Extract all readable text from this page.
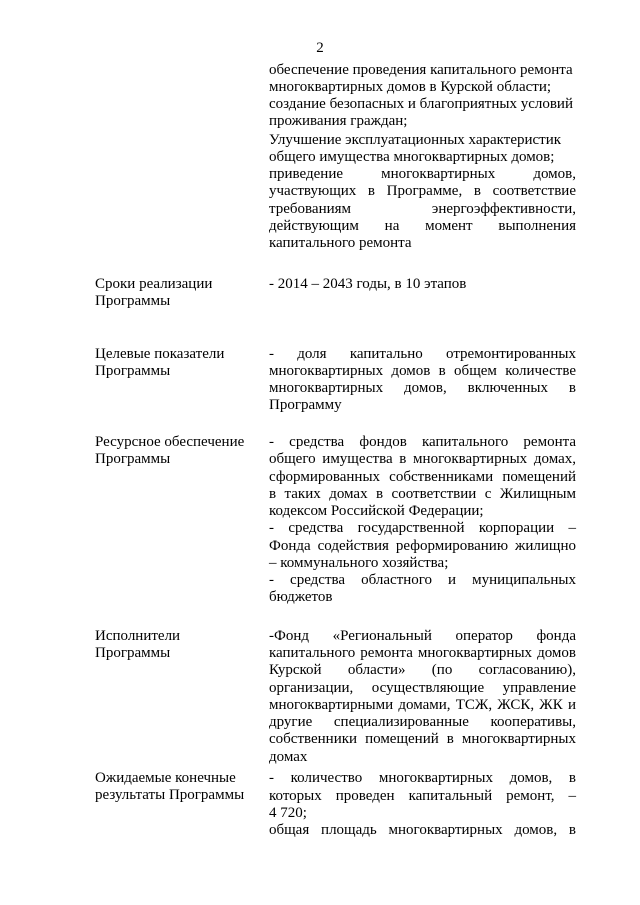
2
обеспечение проведения капитального ремонта
многоквартирных домов в Курской области;
создание безопасных и благоприятных условий
проживания граждан;
Улучшение эксплуатационных характеристик
общего имущества многоквартирных домов;
приведение многоквартирных домов,
участвующих в Программе, в соответствие
требованиям энергоэффективности,
действующим на момент выполнения
капитального ремонта
Сроки реализации
Программы
- 2014 – 2043 годы, в 10 этапов
Целевые показатели
Программы
- доля капитально отремонтированных
многоквартирных домов в общем количестве
многоквартирных домов, включенных в
Программу
Ресурсное обеспечение
Программы
- средства фондов капитального ремонта
общего имущества в многоквартирных домах,
сформированных собственниками помещений
в таких домах в соответствии с Жилищным
кодексом Российской Федерации;
- средства государственной корпорации –
Фонда содействия реформированию жилищно
– коммунального хозяйства;
- средства областного и муниципальных
бюджетов
Исполнители
Программы
-Фонд «Региональный оператор фонда
капитального ремонта многоквартирных домов
Курской области» (по согласованию),
организации, осуществляющие управление
многоквартирными домами, ТСЖ, ЖСК, ЖК и
другие специализированные кооперативы,
собственники помещений в многоквартирных
домах
Ожидаемые конечные
результаты Программы
- количество многоквартирных домов, в
которых проведен капитальный ремонт, –
4 720;
общая площадь многоквартирных домов, в
